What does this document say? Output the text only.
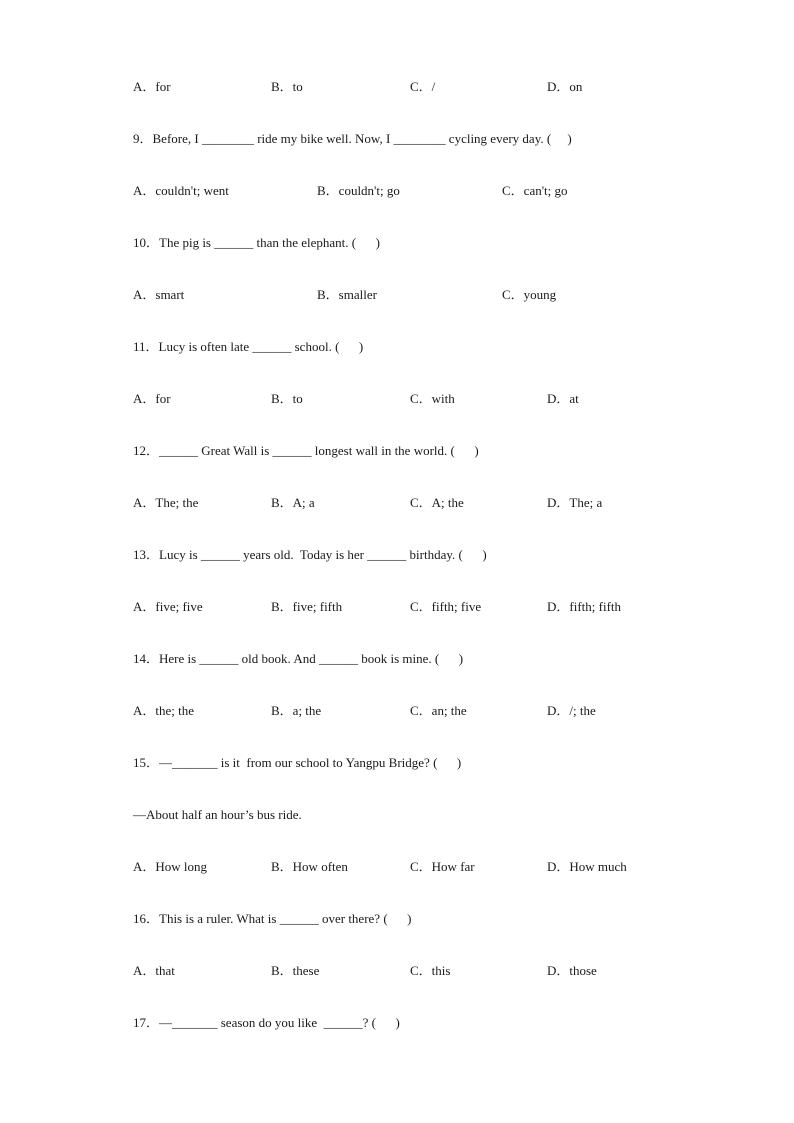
A．for	B．to	C．/	D．on
9．Before, I ________ ride my bike well. Now, I ________ cycling every day. (     )
A．couldn't; went	B．couldn't; go	C．can't; go
10．The pig is ______ than the elephant. (      )
A．smart	B．smaller	C．young
11．Lucy is often late ______ school. (      )
A．for	B．to	C．with	D．at
12．______ Great Wall is ______ longest wall in the world. (      )
A．The; the	B．A; a	C．A; the	D．The; a
13．Lucy is ______ years old.  Today is her ______ birthday. (      )
A．five; five	B．five; fifth	C．fifth; five	D．fifth; fifth
14．Here is ______ old book. And ______ book is mine. (      )
A．the; the	B．a; the	C．an; the	D．/; the
15．—_______ is it  from our school to Yangpu Bridge? (      )
—About half an hour’s bus ride.
A．How long	B．How often	C．How far	D．How much
16．This is a ruler. What is ______ over there? (      )
A．that	B．these	C．this	D．those
17．—_______ season do you like  ______? (      )
